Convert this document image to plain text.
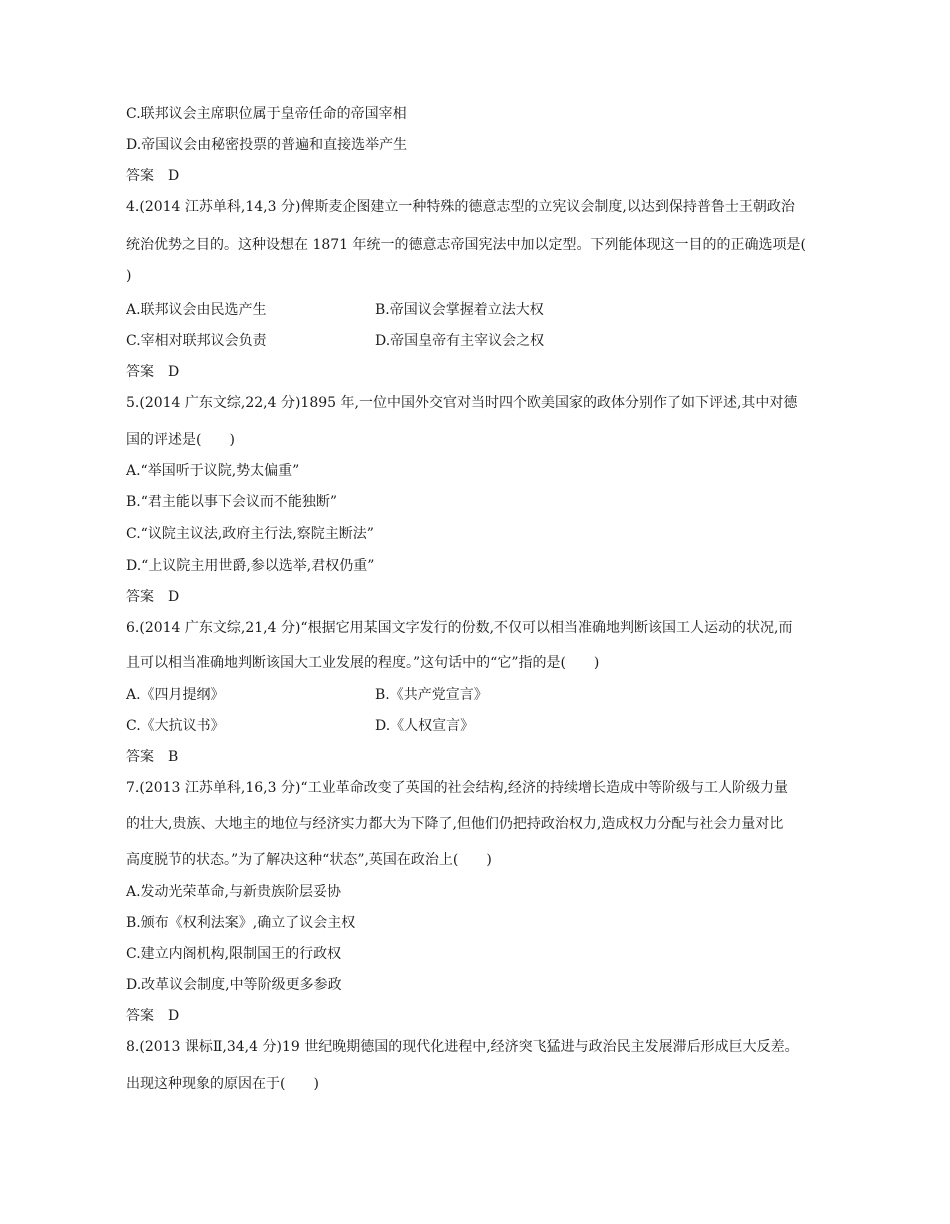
C.联邦议会主席职位属于皇帝任命的帝国宰相
D.帝国议会由秘密投票的普遍和直接选举产生
答案 D
4.(2014 江苏单科,14,3 分)俾斯麦企图建立一种特殊的德意志型的立宪议会制度,以达到保持普鲁士王朝政治
统治优势之目的。这种设想在 1871 年统一的德意志帝国宪法中加以定型。下列能体现这一目的的正确选项是(
)
A.联邦议会由民选产生	B.帝国议会掌握着立法大权
C.宰相对联邦议会负责	D.帝国皇帝有主宰议会之权
答案 D
5.(2014 广东文综,22,4 分)1895 年,一位中国外交官对当时四个欧美国家的政体分别作了如下评述,其中对德
国的评述是(　　)
A.“举国听于议院,势太偏重”
B.“君主能以事下会议而不能独断”
C.“议院主议法,政府主行法,察院主断法”
D.“上议院主用世爵,参以选举,君权仍重”
答案 D
6.(2014 广东文综,21,4 分)“根据它用某国文字发行的份数,不仅可以相当准确地判断该国工人运动的状况,而
且可以相当准确地判断该国大工业发展的程度。”这句话中的“它”指的是(　　)
A.《四月提纲》	B.《共产党宣言》
C.《大抗议书》	D.《人权宣言》
答案 B
7.(2013 江苏单科,16,3 分)“工业革命改变了英国的社会结构,经济的持续增长造成中等阶级与工人阶级力量
的壮大,贵族、大地主的地位与经济实力都大为下降了,但他们仍把持政治权力,造成权力分配与社会力量对比
高度脱节的状态。”为了解决这种“状态”,英国在政治上(　　)
A.发动光荣革命,与新贵族阶层妥协
B.颁布《权利法案》,确立了议会主权
C.建立内阁机构,限制国王的行政权
D.改革议会制度,中等阶级更多参政
答案 D
8.(2013 课标Ⅱ,34,4 分)19 世纪晚期德国的现代化进程中,经济突飞猛进与政治民主发展滞后形成巨大反差。
出现这种现象的原因在于(　　)
